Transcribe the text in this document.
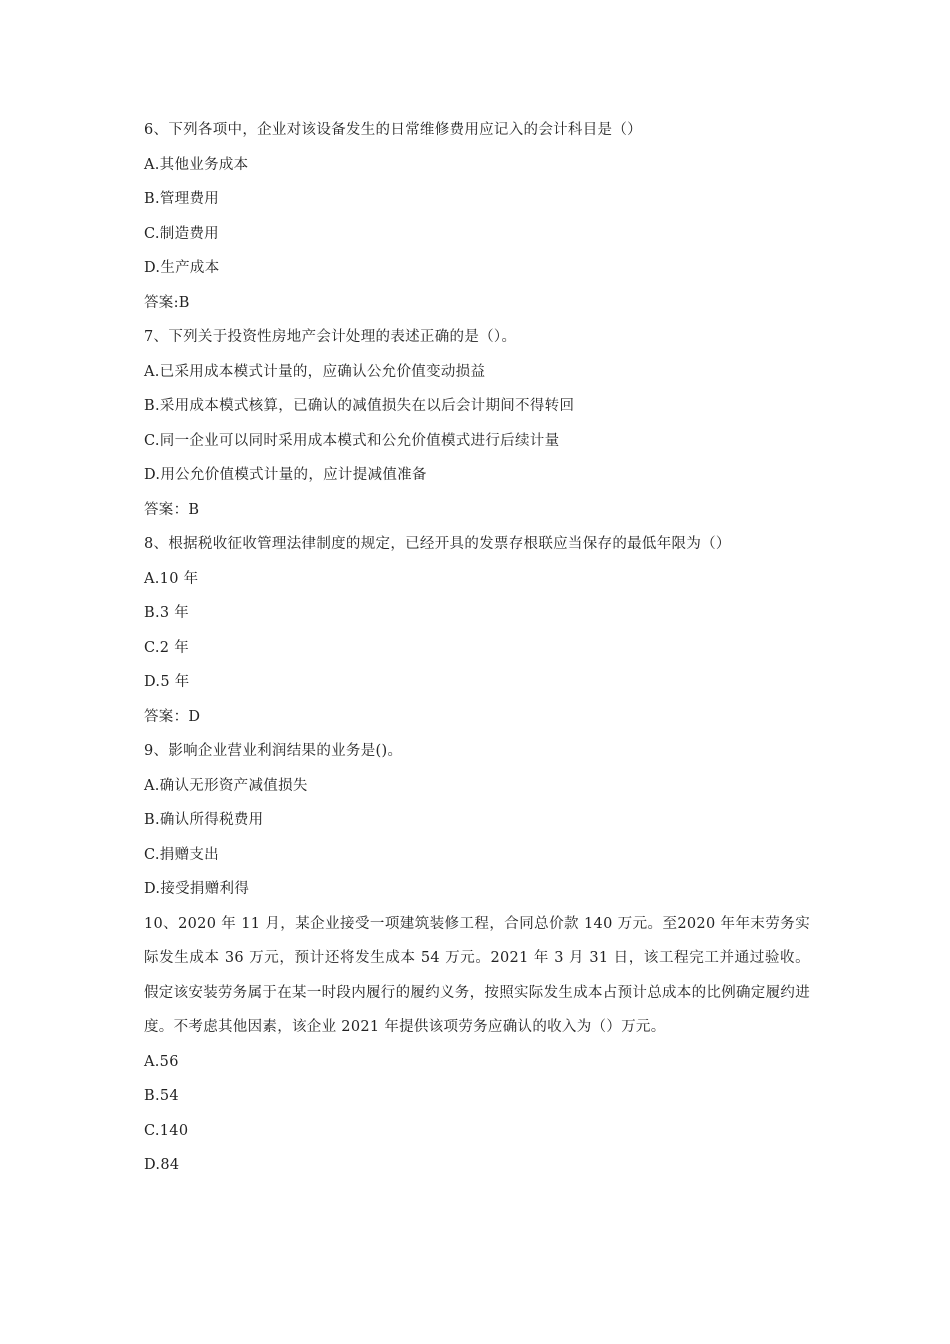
6、下列各项中，企业对该设备发生的日常维修费用应记入的会计科目是（）
A.其他业务成本
B.管理费用
C.制造费用
D.生产成本
答案:B
7、下列关于投资性房地产会计处理的表述正确的是（）。
A.已采用成本模式计量的，应确认公允价值变动损益
B.采用成本模式核算，已确认的减值损失在以后会计期间不得转回
C.同一企业可以同时采用成本模式和公允价值模式进行后续计量
D.用公允价值模式计量的，应计提减值准备
答案：B
8、根据税收征收管理法律制度的规定，已经开具的发票存根联应当保存的最低年限为（）
A.10 年
B.3 年
C.2 年
D.5 年
答案：D
9、影响企业营业利润结果的业务是()。
A.确认无形资产减值损失
B.确认所得税费用
C.捐赠支出
D.接受捐赠利得
10、2020 年 11 月，某企业接受一项建筑装修工程，合同总价款 140 万元。至2020 年年末劳务实际发生成本 36 万元，预计还将发生成本 54 万元。2021 年 3 月 31 日，该工程完工并通过验收。假定该安装劳务属于在某一时段内履行的履约义务，按照实际发生成本占预计总成本的比例确定履约进度。不考虑其他因素，该企业 2021 年提供该项劳务应确认的收入为（）万元。
A.56
B.54
C.140
D.84
